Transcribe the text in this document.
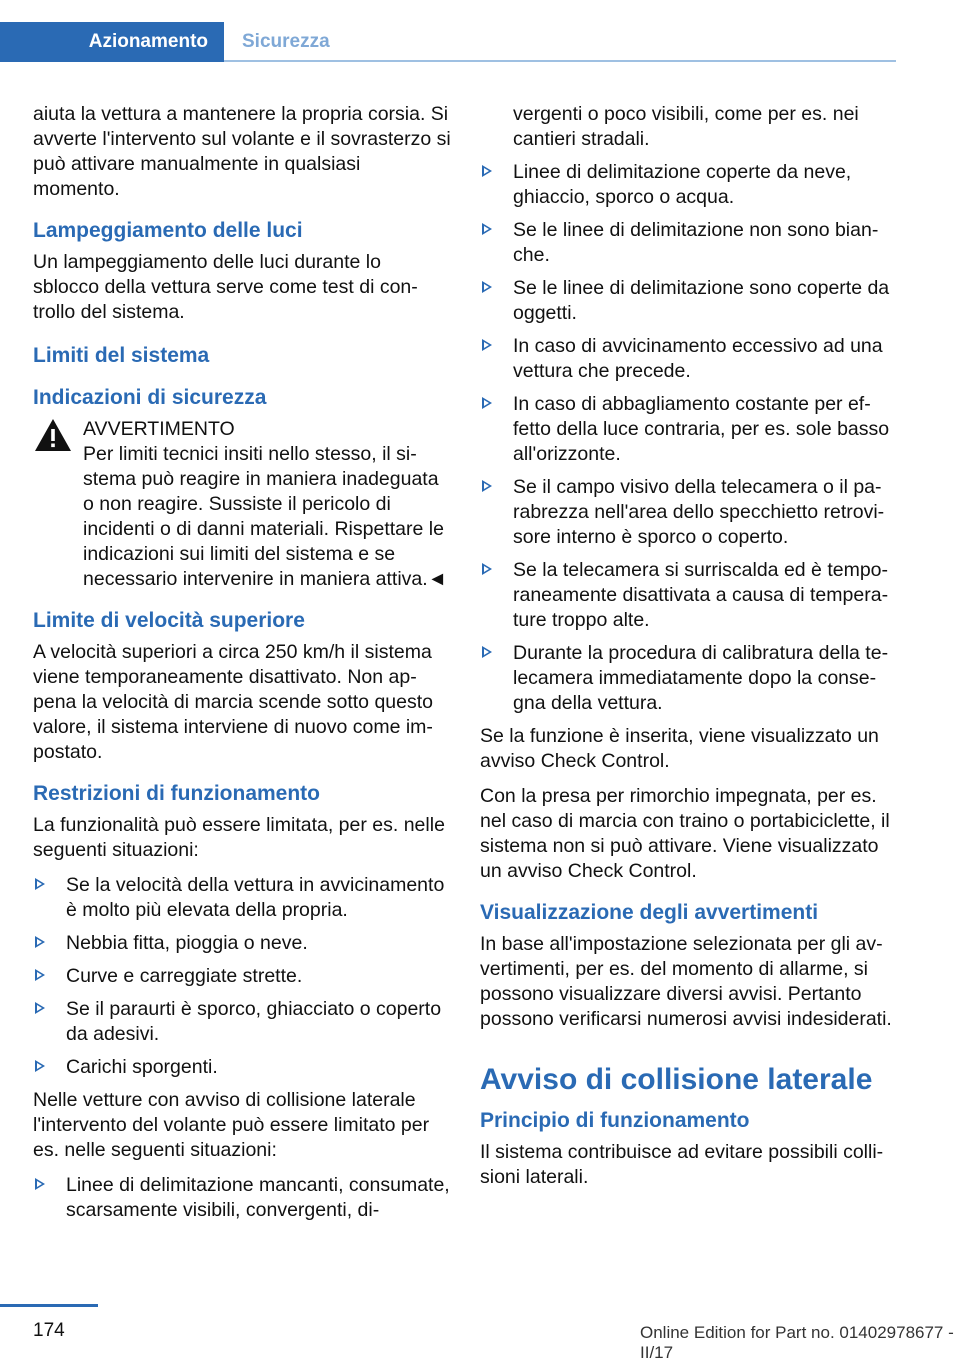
Azionamento	Sicurezza

aiuta la vettura a mantenere la propria corsia. Si avverte l'intervento sul volante e il sovrasterzo si può attivare manualmente in qualsiasi momento.

Lampeggiamento delle luci

Un lampeggiamento delle luci durante lo sblocco della vettura serve come test di controllo del sistema.

Limiti del sistema
Indicazioni di sicurezza
AVVERTIMENTO
Per limiti tecnici insiti nello stesso, il sistema può reagire in maniera inadeguata o non reagire. Sussiste il pericolo di incidenti o di danni materiali. Rispettare le indicazioni sui limiti del sistema e se necessario intervenire in maniera attiva.◄
Limite di velocità superiore

A velocità superiori a circa 250 km/h il sistema viene temporaneamente disattivato. Non appena la velocità di marcia scende sotto questo valore, il sistema interviene di nuovo come impostato.

Restrizioni di funzionamento

La funzionalità può essere limitata, per es. nelle seguenti situazioni:

Se la velocità della vettura in avvicinamento è molto più elevata della propria.
Nebbia fitta, pioggia o neve.
Curve e carreggiate strette.
Se il paraurti è sporco, ghiacciato o coperto da adesivi.
Carichi sporgenti.

Nelle vetture con avviso di collisione laterale l'intervento del volante può essere limitato per es. nelle seguenti situazioni:

Linee di delimitazione mancanti, consumate, scarsamente visibili, convergenti, di-
vergenti o poco visibili, come per es. nei cantieri stradali.
Linee di delimitazione coperte da neve, ghiaccio, sporco o acqua.
Se le linee di delimitazione non sono bianche.
Se le linee di delimitazione sono coperte da oggetti.
In caso di avvicinamento eccessivo ad una vettura che precede.
In caso di abbagliamento costante per effetto della luce contraria, per es. sole basso all'orizzonte.
Se il campo visivo della telecamera o il parabrezza nell'area dello specchietto retrovisore interno è sporco o coperto.
Se la telecamera si surriscalda ed è temporaneamente disattivata a causa di temperature troppo alte.
Durante la procedura di calibratura della telecamera immediatamente dopo la consegna della vettura.

Se la funzione è inserita, viene visualizzato un avviso Check Control.

Con la presa per rimorchio impegnata, per es. nel caso di marcia con traino o portabiciclette, il sistema non si può attivare. Viene visualizzato un avviso Check Control.

Visualizzazione degli avvertimenti

In base all'impostazione selezionata per gli avvertimenti, per es. del momento di allarme, si possono visualizzare diversi avvisi. Pertanto possono verificarsi numerosi avvisi indesiderati.

Avviso di collisione laterale
Principio di funzionamento

Il sistema contribuisce ad evitare possibili collisioni laterali.

174	Online Edition for Part no. 01402978677 - II/17
